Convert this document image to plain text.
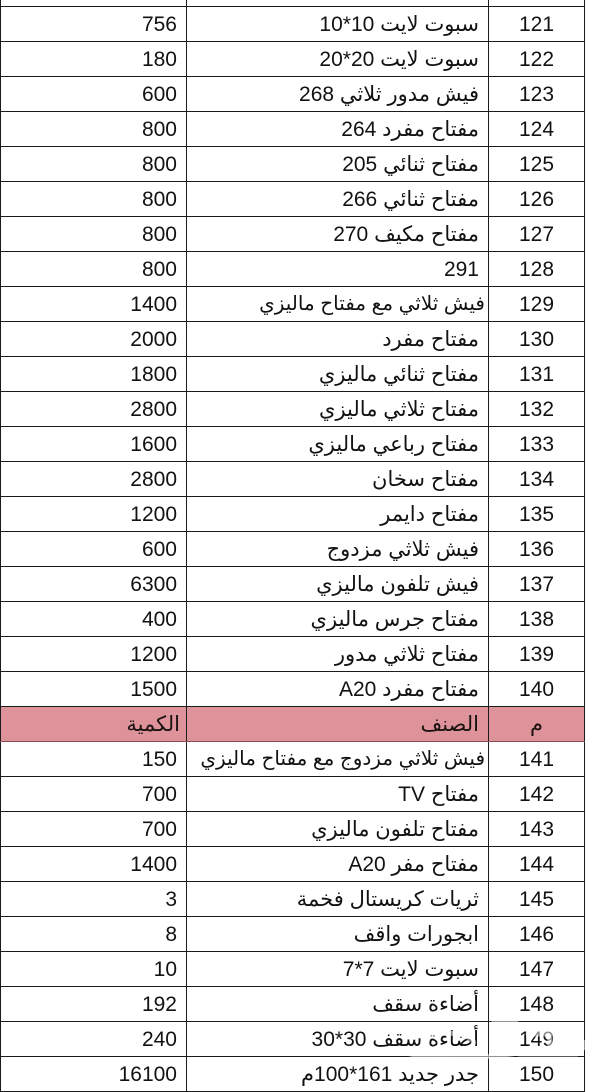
121	سبوت لايت 10*10	756
122	سبوت لايت 20*20	180
123	فيش مدور ثلاثي 268	600
124	مفتاح مفرد 264	800
125	مفتاح ثنائي 205	800
126	مفتاح ثنائي 266	800
127	مفتاح مكيف 270	800
128	291	800
129	فيش ثلاثي مع مفتاح ماليزي	1400
130	مفتاح مفرد	2000
131	مفتاح ثنائي ماليزي	1800
132	مفتاح ثلاثي ماليزي	2800
133	مفتاح رباعي ماليزي	1600
134	مفتاح سخان	2800
135	مفتاح دايمر	1200
136	فيش ثلاثي مزدوج	600
137	فيش تلفون ماليزي	6300
138	مفتاح جرس ماليزي	400
139	مفتاح ثلاثي مدور	1200
140	مفتاح مفرد A20	1500
م	الصنف	الكمية
141	فيش ثلاثي مزدوج مع مفتاح ماليزي	150
142	مفتاح TV	700
143	مفتاح تلفون ماليزي	700
144	مفتاح مفر A20	1400
145	ثريات كريستال فخمة	3
146	ابجورات واقف	8
147	سبوت لايت 7*7	10
148	أضاءة سقف	192
149	أضاءة سقف 30*30	240
150	جدر جديد 161*100م	16100
